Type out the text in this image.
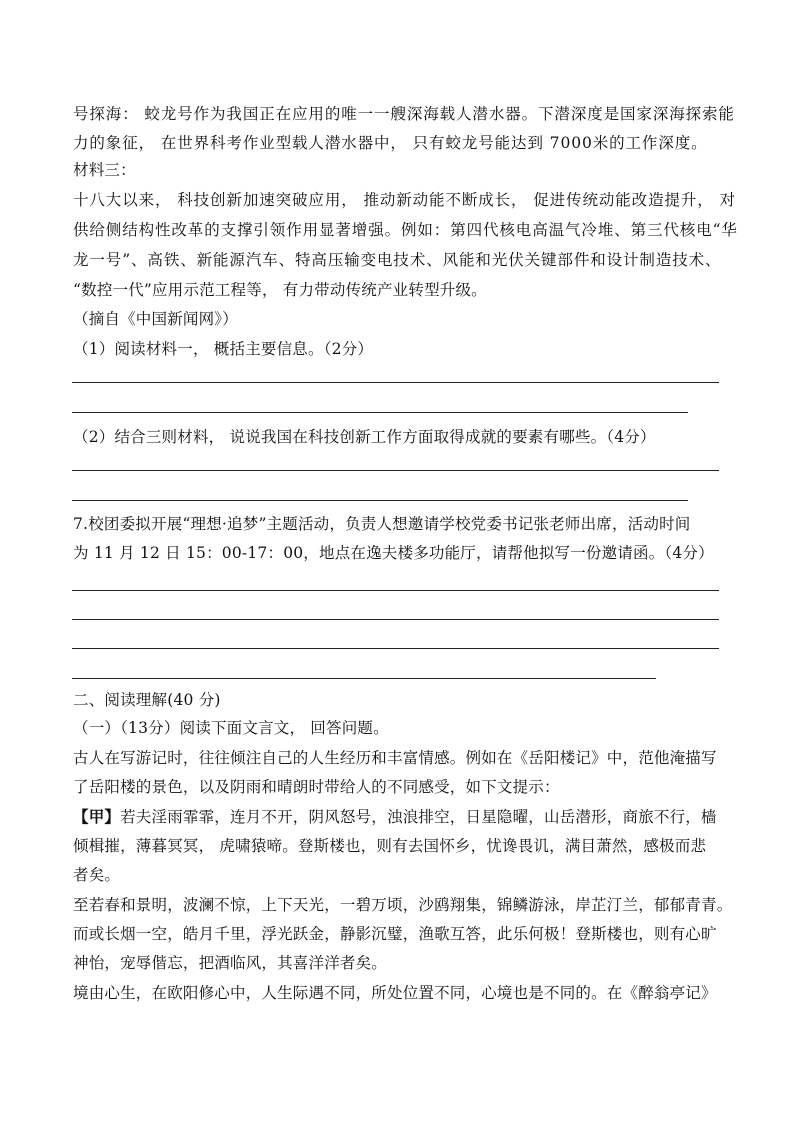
号探海： 蛟龙号作为我国正在应用的唯一一艘深海载人潜水器。下潜深度是国家深海探索能
力的象征， 在世界科考作业型载人潜水器中， 只有蛟龙号能达到 7000米的工作深度。
材料三：
十八大以来， 科技创新加速突破应用， 推动新动能不断成长， 促进传统动能改造提升， 对
供给侧结构性改革的支撑引领作用显著增强。例如：第四代核电高温气冷堆、第三代核电“华
龙一号”、高铁、新能源汽车、特高压输变电技术、风能和光伏关键部件和设计制造技术、
“数控一代”应用示范工程等， 有力带动传统产业转型升级。
（摘自《中国新闻网》）
（1）阅读材料一， 概括主要信息。（2分）
（2）结合三则材料， 说说我国在科技创新工作方面取得成就的要素有哪些。（4分）
7.校团委拟开展“理想·追梦”主题活动，负责人想邀请学校党委书记张老师出席，活动时间
为 11 月 12 日 15：00-17：00，地点在逸夫楼多功能厅，请帮他拟写一份邀请函。（4分）
二、阅读理解(40 分)
（一）（13分）阅读下面文言文， 回答问题。
古人在写游记时，往往倾注自己的人生经历和丰富情感。例如在《岳阳楼记》中，范他淹描写
了岳阳楼的景色，以及阴雨和晴朗时带给人的不同感受，如下文提示：
【甲】若夫淫雨霏霏，连月不开，阴风怒号，浊浪排空，日星隐曜，山岳潜形，商旅不行，樯
倾楫摧，薄暮冥冥， 虎啸猿啼。登斯楼也，则有去国怀乡，忧谗畏讥，满目萧然，感极而悲
者矣。
至若春和景明，波澜不惊，上下天光，一碧万顷，沙鸥翔集，锦鳞游泳，岸芷汀兰，郁郁青青。
而或长烟一空，皓月千里，浮光跃金，静影沉璧，渔歌互答，此乐何极！登斯楼也，则有心旷
神怡，宠辱偕忘，把酒临风，其喜洋洋者矣。
境由心生，在欧阳修心中，人生际遇不同，所处位置不同，心境也是不同的。在《醉翁亭记》
